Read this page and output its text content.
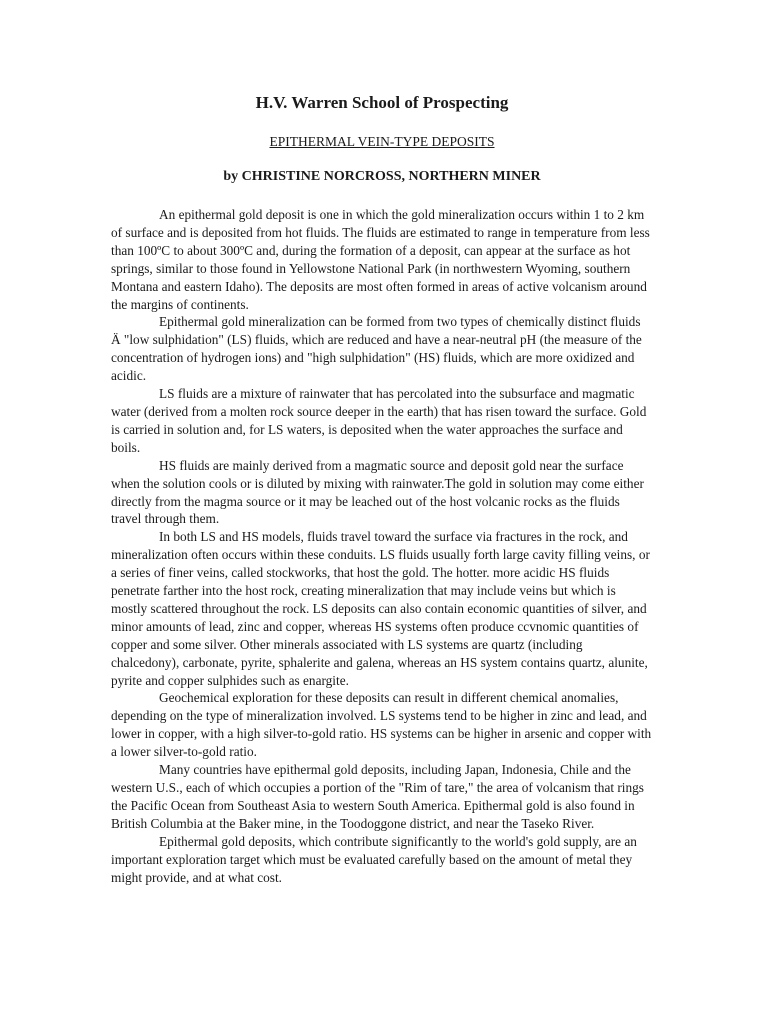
H.V. Warren School of Prospecting
EPITHERMAL VEIN-TYPE DEPOSITS
by CHRISTINE NORCROSS, NORTHERN MINER

An epithermal gold deposit is one in which the gold mineralization occurs within 1 to 2 km of surface and is deposited from hot fluids. The fluids are estimated to range in temperature from less than 100ºC to about 300ºC and, during the formation of a deposit, can appear at the surface as hot springs, similar to those found in Yellowstone National Park (in northwestern Wyoming, southern Montana and eastern Idaho). The deposits are most often formed in areas of active volcanism around the margins of continents.

Epithermal gold mineralization can be formed from two types of chemically distinct fluids Ä "low sulphidation" (LS) fluids, which are reduced and have a near-neutral pH (the measure of the concentration of hydrogen ions) and "high sulphidation" (HS) fluids, which are more oxidized and acidic.

LS fluids are a mixture of rainwater that has percolated into the subsurface and magmatic water (derived from a molten rock source deeper in the earth) that has risen toward the surface. Gold is carried in solution and, for LS waters, is deposited when the water approaches the surface and boils.

HS fluids are mainly derived from a magmatic source and deposit gold near the surface when the solution cools or is diluted by mixing with rainwater.The gold in solution may come either directly from the magma source or it may be leached out of the host volcanic rocks as the fluids travel through them.

In both LS and HS models, fluids travel toward the surface via fractures in the rock, and mineralization often occurs within these conduits. LS fluids usually forth large cavity filling veins, or a series of finer veins, called stockworks, that host the gold. The hotter. more acidic HS fluids penetrate farther into the host rock, creating mineralization that may include veins but which is mostly scattered throughout the rock. LS deposits can also contain economic quantities of silver, and minor amounts of lead, zinc and copper, whereas HS systems often produce ccvnomic quantities of copper and some silver. Other minerals associated with LS systems are quartz (including chalcedony), carbonate, pyrite, sphalerite and galena, whereas an HS system contains quartz, alunite, pyrite and copper sulphides such as enargite.

Geochemical exploration for these deposits can result in different chemical anomalies, depending on the type of mineralization involved. LS systems tend to be higher in zinc and lead, and lower in copper, with a high silver-to-gold ratio. HS systems can be higher in arsenic and copper with a lower silver-to-gold ratio.

Many countries have epithermal gold deposits, including Japan, Indonesia, Chile and the western U.S., each of which occupies a portion of the "Rim of tare," the area of volcanism that rings the Pacific Ocean from Southeast Asia to western South America. Epithermal gold is also found in British Columbia at the Baker mine, in the Toodoggone district, and near the Taseko River.

Epithermal gold deposits, which contribute significantly to the world's gold supply, are an important exploration target which must be evaluated carefully based on the amount of metal they might provide, and at what cost.
